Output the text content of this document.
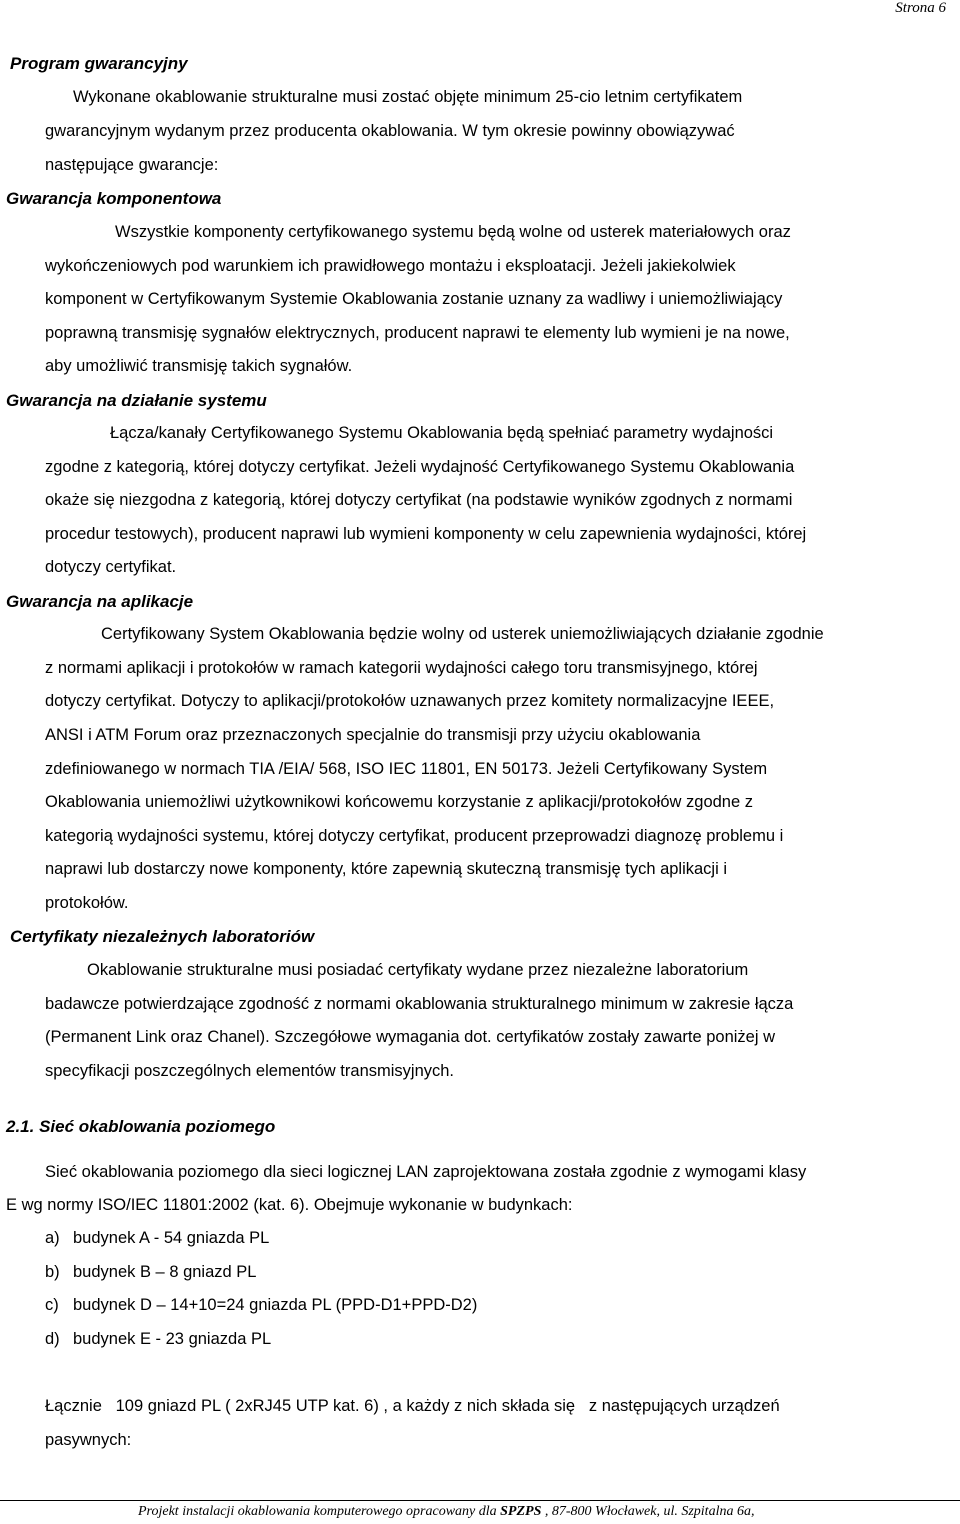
Strona 6
Program gwarancyjny
Wykonane okablowanie strukturalne musi zostać objęte minimum 25-cio letnim certyfikatem
gwarancyjnym wydanym przez producenta okablowania. W tym okresie powinny obowiązywać
następujące gwarancje:
Gwarancja komponentowa
Wszystkie komponenty certyfikowanego systemu będą wolne od usterek materiałowych oraz
wykończeniowych pod warunkiem ich prawidłowego montażu i eksploatacji. Jeżeli jakiekolwiek
komponent w Certyfikowanym Systemie Okablowania zostanie uznany za wadliwy i uniemożliwiający
poprawną transmisję sygnałów elektrycznych, producent naprawi te elementy lub wymieni je na nowe,
aby umożliwić transmisję takich sygnałów.
Gwarancja na działanie systemu
Łącza/kanały Certyfikowanego Systemu Okablowania będą spełniać parametry wydajności
zgodne z kategorią, której dotyczy certyfikat. Jeżeli wydajność Certyfikowanego Systemu Okablowania
okaże się niezgodna z kategorią, której dotyczy certyfikat (na podstawie wyników zgodnych z normami
procedur testowych), producent naprawi lub wymieni komponenty w celu zapewnienia wydajności, której
dotyczy certyfikat.
Gwarancja na aplikacje
Certyfikowany System Okablowania będzie wolny od usterek uniemożliwiających działanie zgodnie
z normami aplikacji i protokołów w ramach kategorii wydajności całego toru transmisyjnego, której
dotyczy certyfikat. Dotyczy to aplikacji/protokołów uznawanych przez komitety normalizacyjne IEEE,
ANSI i ATM Forum oraz przeznaczonych specjalnie do transmisji przy użyciu okablowania
zdefiniowanego w normach TIA /EIA/ 568, ISO IEC 11801, EN 50173. Jeżeli Certyfikowany System
Okablowania uniemożliwi użytkownikowi końcowemu korzystanie z aplikacji/protokołów zgodne z
kategorią wydajności systemu, której dotyczy certyfikat, producent przeprowadzi diagnozę problemu i
naprawi lub dostarczy nowe komponenty, które zapewnią skuteczną transmisję tych aplikacji i
protokołów.
Certyfikaty niezależnych laboratoriów
Okablowanie strukturalne musi posiadać certyfikaty wydane przez niezależne laboratorium
badawcze potwierdzające zgodność z normami okablowania strukturalnego minimum w zakresie łącza
(Permanent Link oraz Chanel). Szczegółowe wymagania dot. certyfikatów zostały zawarte poniżej w
specyfikacji poszczególnych elementów transmisyjnych.
2.1. Sieć okablowania poziomego
Sieć okablowania poziomego dla sieci logicznej LAN zaprojektowana została zgodnie z wymogami klasy
E wg normy ISO/IEC 11801:2002 (kat. 6). Obejmuje wykonanie w budynkach:
a) budynek A - 54 gniazda PL
b) budynek B – 8 gniazd PL
c) budynek D – 14+10=24 gniazda PL (PPD-D1+PPD-D2)
d) budynek E - 23 gniazda PL
Łącznie   109 gniazd PL ( 2xRJ45 UTP kat. 6) , a każdy z nich składa się   z następujących urządzeń
pasywnych:
Projekt instalacji okablowania komputerowego opracowany dla SPZPS , 87-800 Włocławek, ul. Szpitalna 6a,
